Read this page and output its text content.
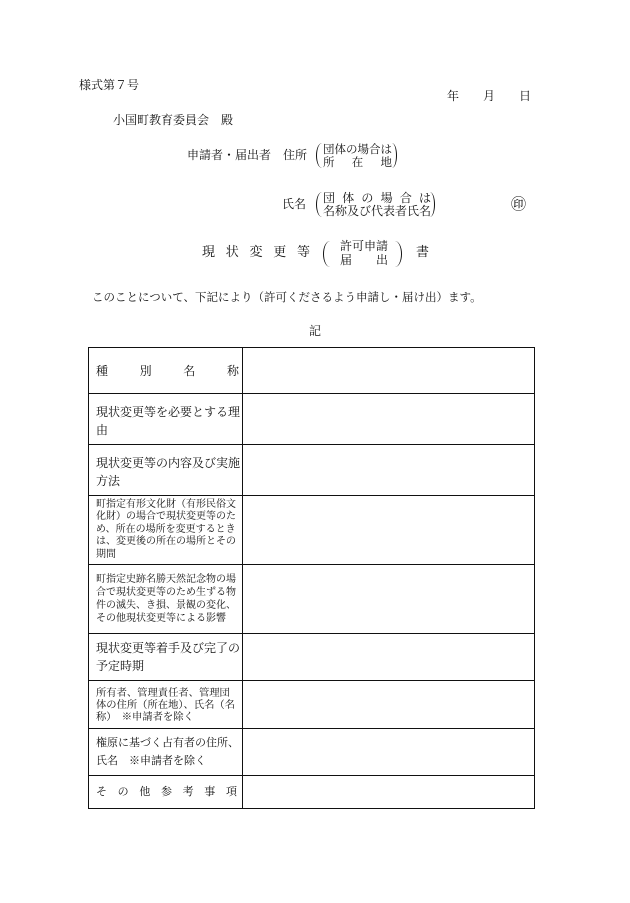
様式第７号
年　　月　　日
小国町教育委員会　殿
申請者・届出者　住所 団体の場合は
所　在　地
氏名 団 体 の 場 合 は
名称及び代表者氏名	㊞
現 状 変 更 等 許可申請
届　　出 書
このことについて、下記により（許可くださるよう申請し・届け出）ます。
記
種　　別　　名　　称
現状変更等を必要とする理
由
現状変更等の内容及び実施
方法
町指定有形文化財（有形民俗文
化財）の場合で現状変更等のた
め、所在の場所を変更するとき
は、変更後の所在の場所とその
期間
町指定史跡名勝天然記念物の場
合で現状変更等のため生ずる物
件の滅失、き損、景観の変化、
その他現状変更等による影響
現状変更等着手及び完了の
予定時期
所有者、管理責任者、管理団
体の住所（所在地）、氏名（名
称）　※申請者を除く
権原に基づく占有者の住所、
氏名　※申請者を除く
そ　の　他　参　考　事　項
